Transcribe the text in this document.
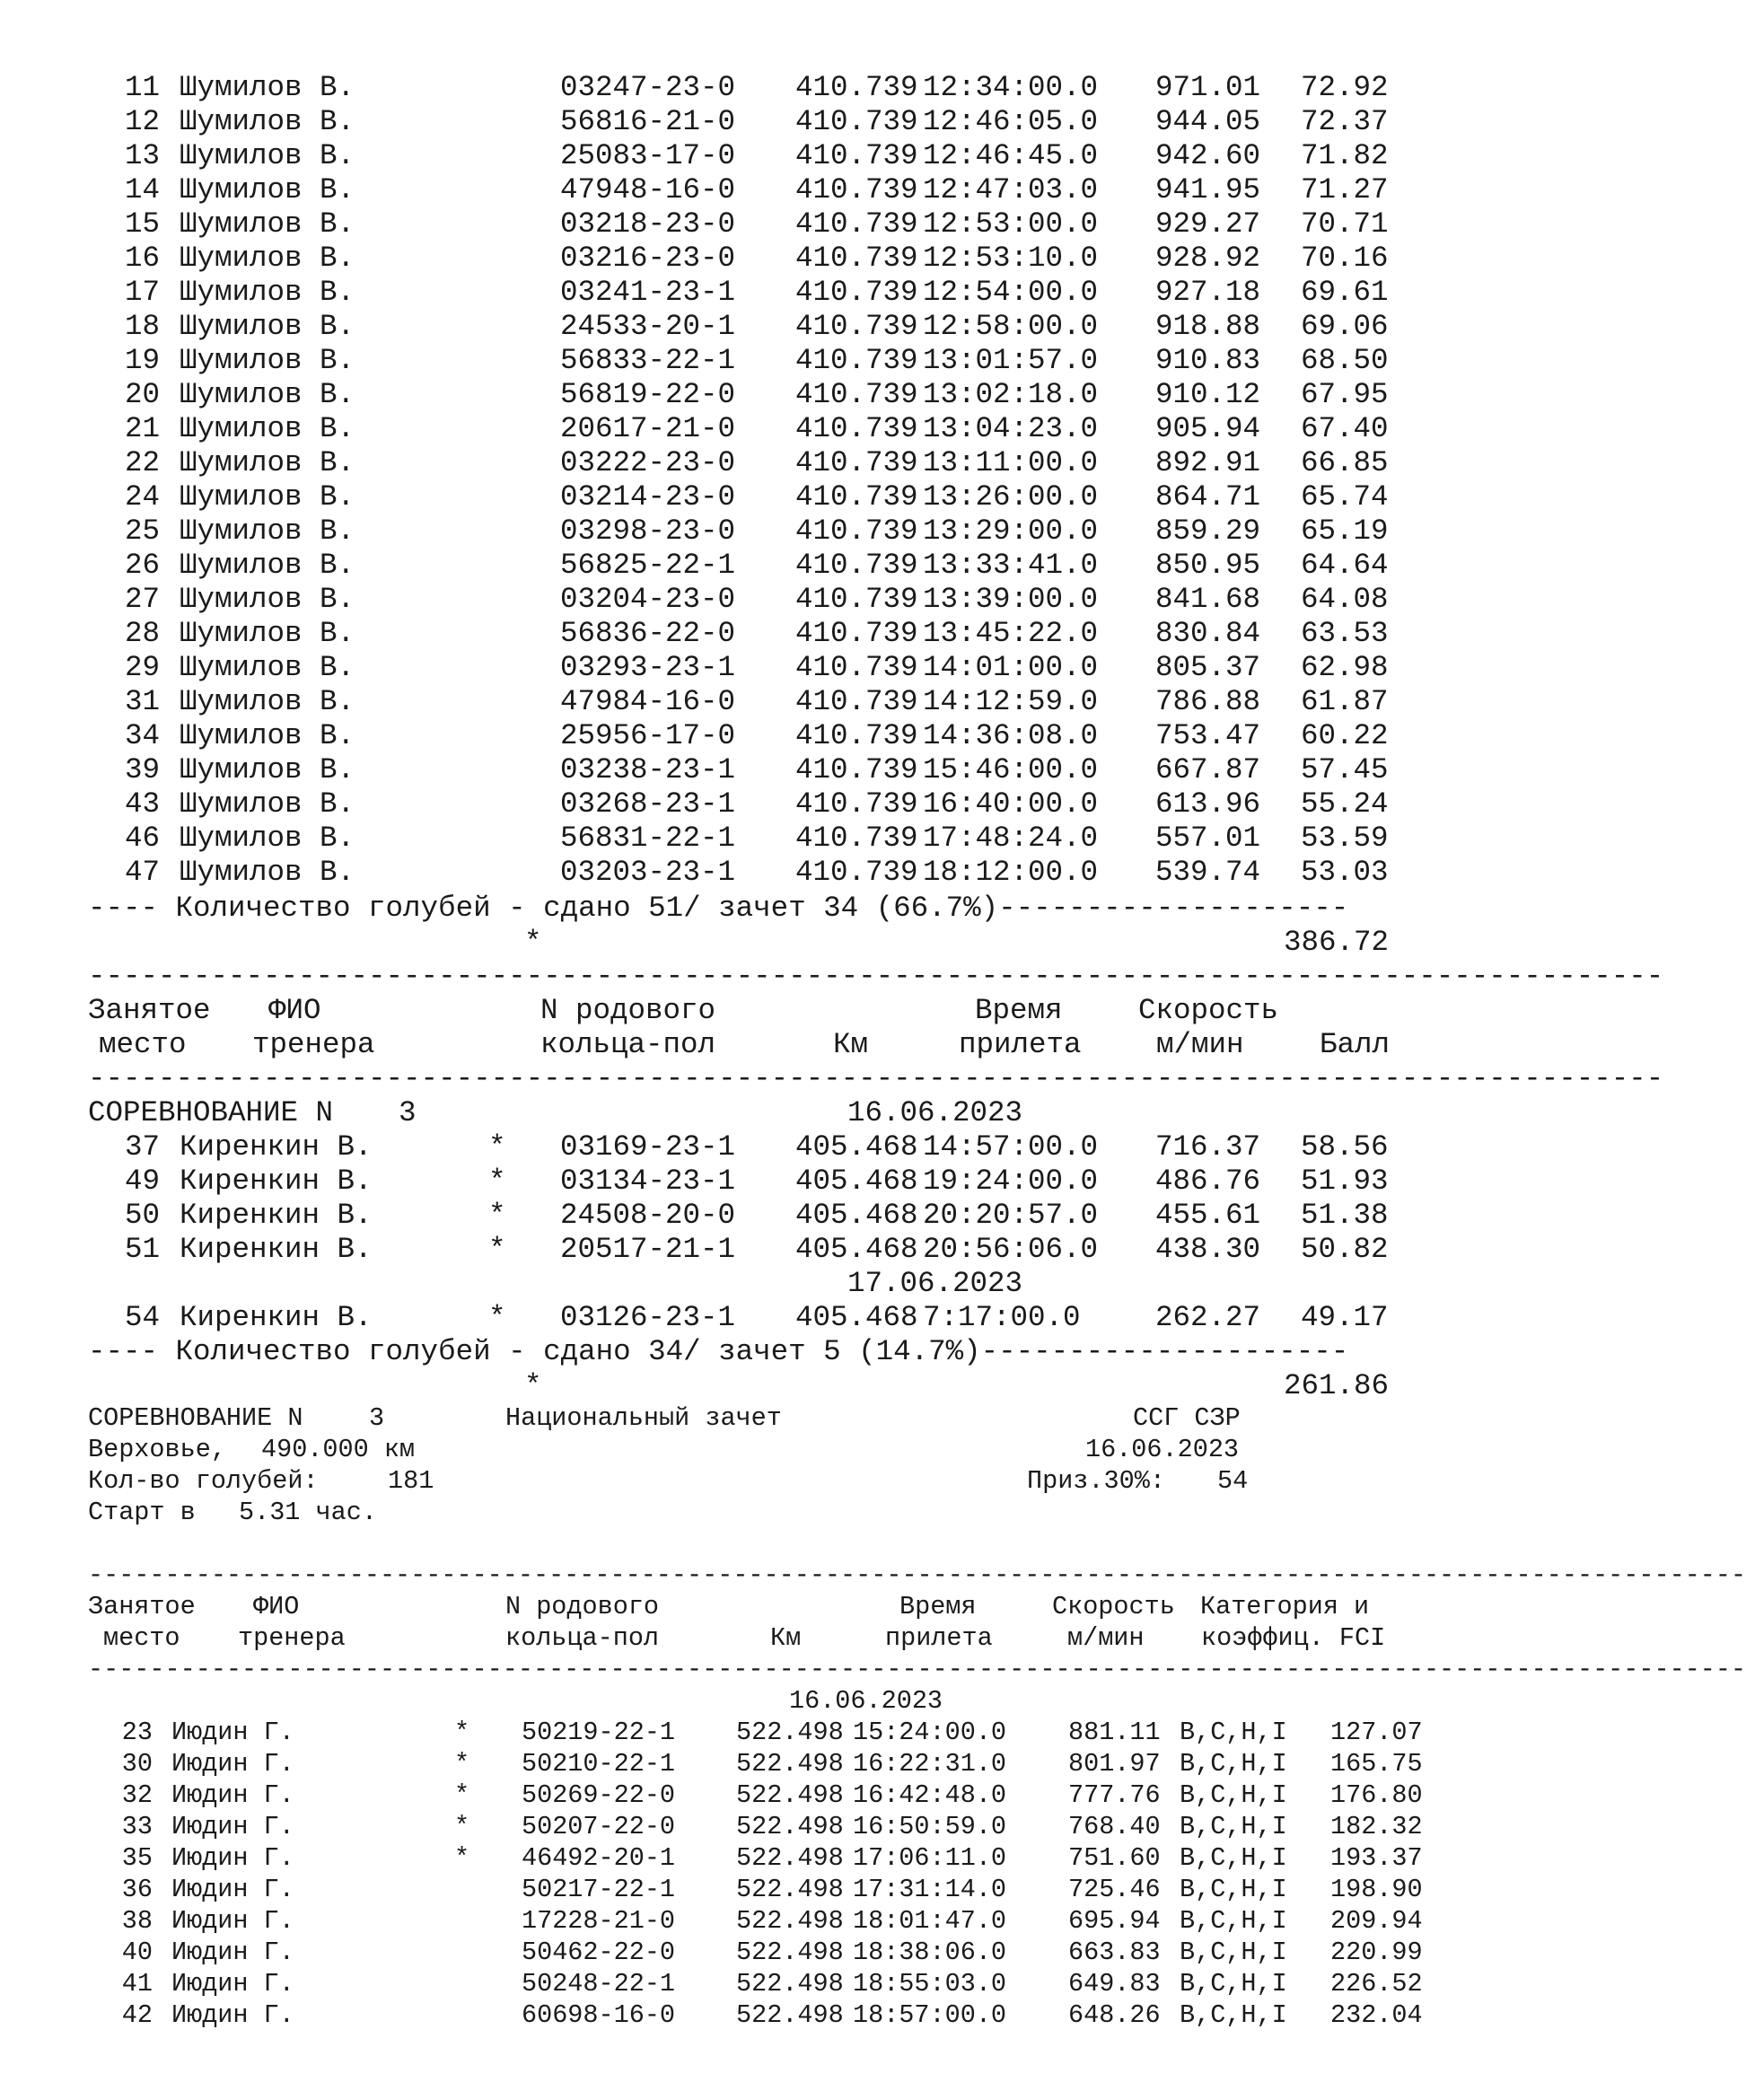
11 Шумилов В.	03247-23-0 410.739 12:34:00.0 971.01 72.92
12 Шумилов В.	56816-21-0 410.739 12:46:05.0 944.05 72.37
13 Шумилов В.	25083-17-0 410.739 12:46:45.0 942.60 71.82
14 Шумилов В.	47948-16-0 410.739 12:47:03.0 941.95 71.27
15 Шумилов В.	03218-23-0 410.739 12:53:00.0 929.27 70.71
16 Шумилов В.	03216-23-0 410.739 12:53:10.0 928.92 70.16
17 Шумилов В.	03241-23-1 410.739 12:54:00.0 927.18 69.61
18 Шумилов В.	24533-20-1 410.739 12:58:00.0 918.88 69.06
19 Шумилов В.	56833-22-1 410.739 13:01:57.0 910.83 68.50
20 Шумилов В.	56819-22-0 410.739 13:02:18.0 910.12 67.95
21 Шумилов В.	20617-21-0 410.739 13:04:23.0 905.94 67.40
22 Шумилов В.	03222-23-0 410.739 13:11:00.0 892.91 66.85
24 Шумилов В.	03214-23-0 410.739 13:26:00.0 864.71 65.74
25 Шумилов В.	03298-23-0 410.739 13:29:00.0 859.29 65.19
26 Шумилов В.	56825-22-1 410.739 13:33:41.0 850.95 64.64
27 Шумилов В.	03204-23-0 410.739 13:39:00.0 841.68 64.08
28 Шумилов В.	56836-22-0 410.739 13:45:22.0 830.84 63.53
29 Шумилов В.	03293-23-1 410.739 14:01:00.0 805.37 62.98
31 Шумилов В.	47984-16-0 410.739 14:12:59.0 786.88 61.87
34 Шумилов В.	25956-17-0 410.739 14:36:08.0 753.47 60.22
39 Шумилов В.	03238-23-1 410.739 15:46:00.0 667.87 57.45
43 Шумилов В.	03268-23-1 410.739 16:40:00.0 613.96 55.24
46 Шумилов В.	56831-22-1 410.739 17:48:24.0 557.01 53.59
47 Шумилов В.	03203-23-1 410.739 18:12:00.0 539.74 53.03
---- Количество голубей - сдано 51/ зачет 34 (66.7%)--------------------
*	386.72
------------------------------------------------------------------------------------------
Занятое ФИО	N родового	Время	Скорость
место тренера	кольца-пол	Км	прилета	м/мин	Балл
------------------------------------------------------------------------------------------
СОРЕВНОВАНИЕ N 3	16.06.2023
37 Киренкин В.	* 03169-23-1 405.468 14:57:00.0 716.37 58.56
49 Киренкин В.	* 03134-23-1 405.468 19:24:00.0 486.76 51.93
50 Киренкин В.	* 24508-20-0 405.468 20:20:57.0 455.61 51.38
51 Киренкин В.	* 20517-21-1 405.468 20:56:06.0 438.30 50.82
17.06.2023
54 Киренкин В.	* 03126-23-1 405.468 7:17:00.0	262.27 49.17
---- Количество голубей - сдано 34/ зачет 5 (14.7%)---------------------
*	261.86
СОРЕВНОВАНИЕ N	3	Национальный зачет	ССГ СЗР
Верховье, 490.000 км	16.06.2023
Кол-во голубей:	181	Приз.30%: 54
Старт в 5.31 час.
------------------------------------------------------------------------------------------------------------
Занятое ФИО	N родового	Время	Скорость Категория и
место тренера	кольца-пол	Км	прилета	м/мин коэффиц. FCI
------------------------------------------------------------------------------------------------------------
16.06.2023
23 Июдин Г.	* 50219-22-1 522.498 15:24:00.0 881.11 B,C,H,I 127.07
30 Июдин Г.	* 50210-22-1 522.498 16:22:31.0 801.97 B,C,H,I 165.75
32 Июдин Г.	* 50269-22-0 522.498 16:42:48.0 777.76 B,C,H,I 176.80
33 Июдин Г.	* 50207-22-0 522.498 16:50:59.0 768.40 B,C,H,I 182.32
35 Июдин Г.	* 46492-20-1 522.498 17:06:11.0 751.60 B,C,H,I 193.37
36 Июдин Г.	50217-22-1 522.498 17:31:14.0 725.46 B,C,H,I 198.90
38 Июдин Г.	17228-21-0 522.498 18:01:47.0 695.94 B,C,H,I 209.94
40 Июдин Г.	50462-22-0 522.498 18:38:06.0 663.83 B,C,H,I 220.99
41 Июдин Г.	50248-22-1 522.498 18:55:03.0 649.83 B,C,H,I 226.52
42 Июдин Г.	60698-16-0 522.498 18:57:00.0 648.26 B,C,H,I 232.04
